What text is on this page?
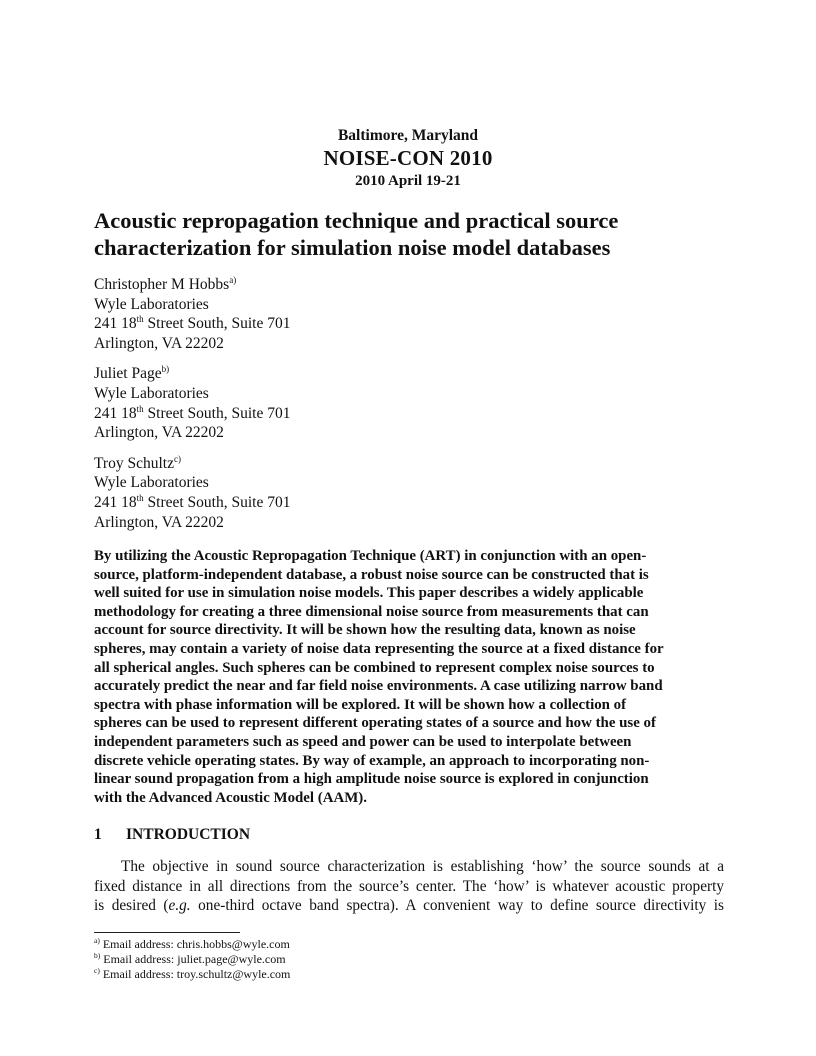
Baltimore, Maryland
NOISE-CON 2010
2010 April 19-21
Acoustic repropagation technique and practical source
characterization for simulation noise model databases
Christopher M Hobbs$^{a)}$
Wyle Laboratories
241 18th Street South, Suite 701
Arlington, VA 22202
Juliet Page$^{b)}$
Wyle Laboratories
241 18th Street South, Suite 701
Arlington, VA 22202
Troy Schultz$^{c)}$
Wyle Laboratories
241 18th Street South, Suite 701
Arlington, VA 22202

By utilizing the Acoustic Repropagation Technique (ART) in conjunction with an open-
source, platform-independent database, a robust noise source can be constructed that is
well suited for use in simulation noise models. This paper describes a widely applicable
methodology for creating a three dimensional noise source from measurements that can
account for source directivity. It will be shown how the resulting data, known as noise
spheres, may contain a variety of noise data representing the source at a fixed distance for
all spherical angles. Such spheres can be combined to represent complex noise sources to
accurately predict the near and far field noise environments. A case utilizing narrow band
spectra with phase information will be explored. It will be shown how a collection of
spheres can be used to represent different operating states of a source and how the use of
independent parameters such as speed and power can be used to interpolate between
discrete vehicle operating states. By way of example, an approach to incorporating non-
linear sound propagation from a high amplitude noise source is explored in conjunction
with the Advanced Acoustic Model (AAM).

1 INTRODUCTION

The objective in sound source characterization is establishing ‘how’ the source sounds at a
fixed distance in all directions from the source’s center. The ‘how’ is whatever acoustic property
is desired (e.g. one-third octave band spectra). A convenient way to define source directivity is

$^{a)}$ Email address: chris.hobbs@wyle.com
$^{b)}$ Email address: juliet.page@wyle.com
$^{c)}$ Email address: troy.schultz@wyle.com
